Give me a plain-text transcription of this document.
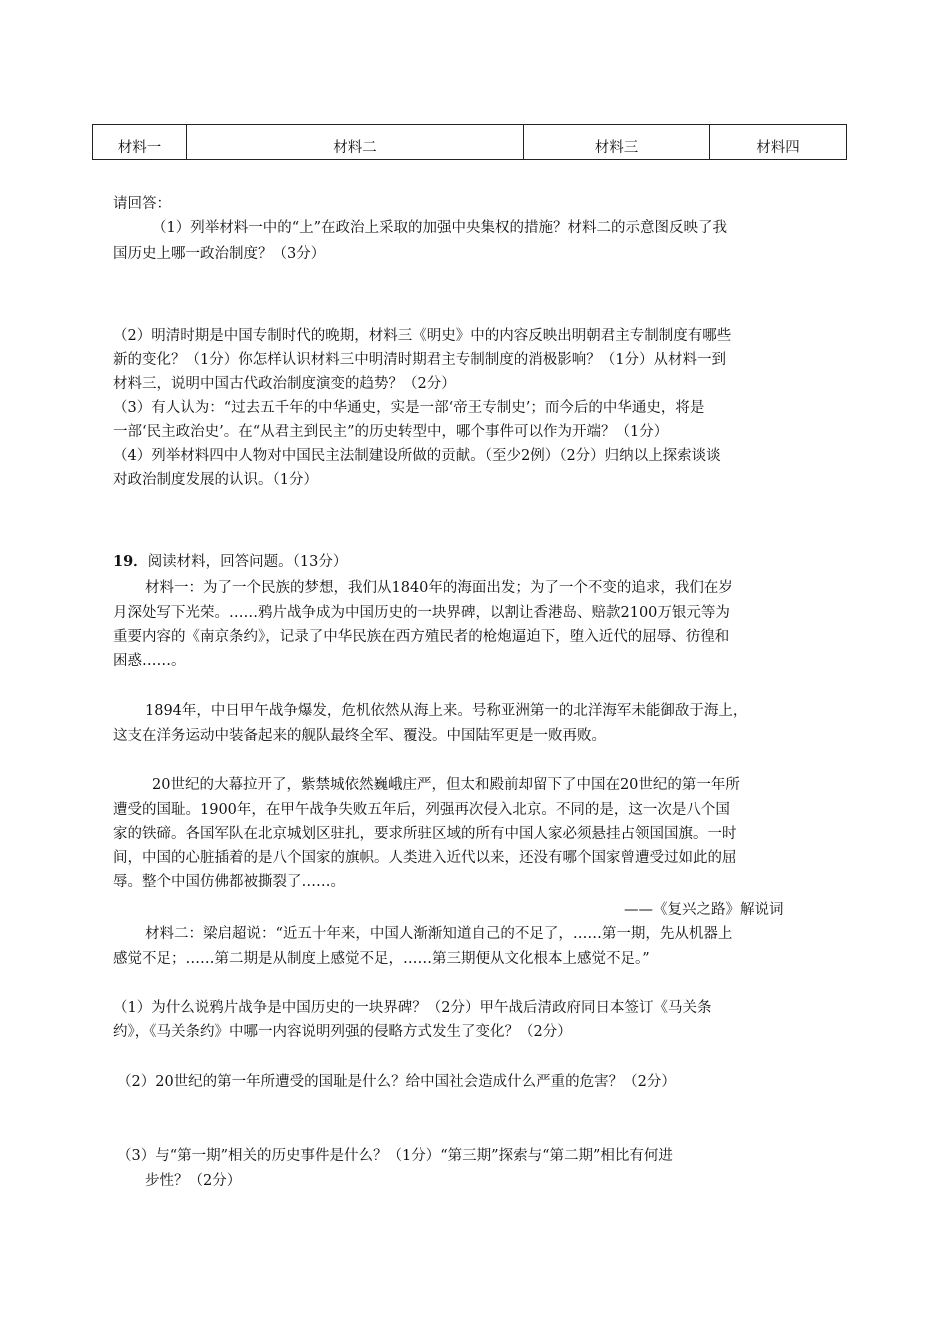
材料一	材料二	材料三	材料四
请回答：
（1）列举材料一中的“上”在政治上采取的加强中央集权的措施？材料二的示意图反映了我
国历史上哪一政治制度？（3分）
（2）明清时期是中国专制时代的晚期，材料三《明史》中的内容反映出明朝君主专制制度有哪些
新的变化？（1分）你怎样认识材料三中明清时期君主专制制度的消极影响？（1分）从材料一到
材料三，说明中国古代政治制度演变的趋势？（2分）
（3）有人认为：“过去五千年的中华通史，实是一部‘帝王专制史’；而今后的中华通史，将是
一部‘民主政治史’。在“从君主到民主”的历史转型中，哪个事件可以作为开端？（1分）
（4）列举材料四中人物对中国民主法制建设所做的贡献。（至少2例）（2分）归纳以上探索谈谈
对政治制度发展的认识。（1分）
19．阅读材料，回答问题。（13分）
材料一：为了一个民族的梦想，我们从1840年的海面出发；为了一个不变的追求，我们在岁
月深处写下光荣。……鸦片战争成为中国历史的一块界碑，以割让香港岛、赔款2100万银元等为
重要内容的《南京条约》，记录了中华民族在西方殖民者的枪炮逼迫下，堕入近代的屈辱、彷徨和
困惑……。
1894年，中日甲午战争爆发，危机依然从海上来。号称亚洲第一的北洋海军未能御敌于海上，
这支在洋务运动中装备起来的舰队最终全军、覆没。中国陆军更是一败再败。
20世纪的大幕拉开了，紫禁城依然巍峨庄严，但太和殿前却留下了中国在20世纪的第一年所
遭受的国耻。1900年，在甲午战争失败五年后，列强再次侵入北京。不同的是，这一次是八个国
家的铁碲。各国军队在北京城划区驻扎，要求所驻区域的所有中国人家必须悬挂占领国国旗。一时
间，中国的心脏插着的是八个国家的旗帜。人类进入近代以来，还没有哪个国家曾遭受过如此的屈
辱。整个中国仿佛都被撕裂了……。
——《复兴之路》解说词
材料二：梁启超说：“近五十年来，中国人渐渐知道自己的不足了，……第一期，先从机器上
感觉不足；……第二期是从制度上感觉不足，……第三期便从文化根本上感觉不足。”
（1）为什么说鸦片战争是中国历史的一块界碑？（2分）甲午战后清政府同日本签订《马关条
约》，《马关条约》中哪一内容说明列强的侵略方式发生了变化？（2分）
（2）20世纪的第一年所遭受的国耻是什么？给中国社会造成什么严重的危害？（2分）
（3）与“第一期”相关的历史事件是什么？（1分）“第三期”探索与“第二期”相比有何进
步性？（2分）
